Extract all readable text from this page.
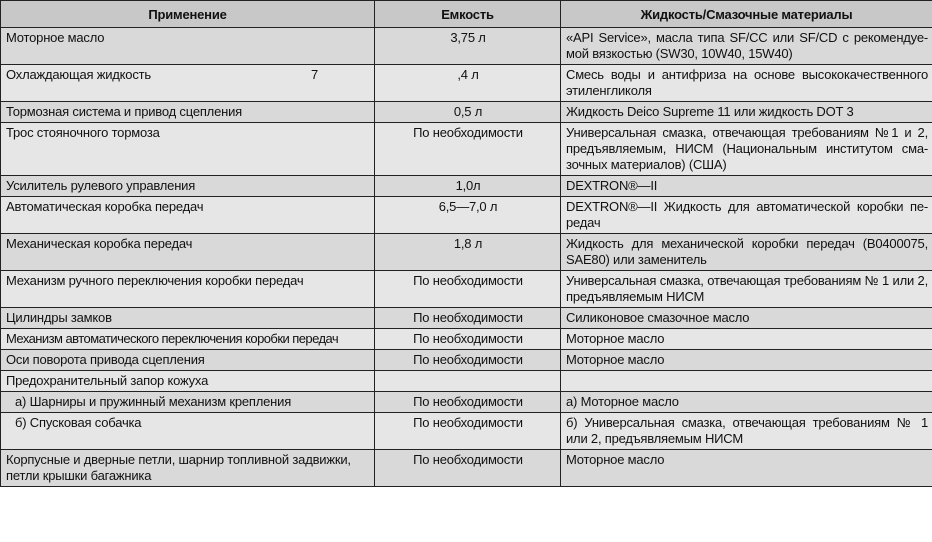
Применение	Емкость	Жидкость/Смазочные материалы
Моторное масло	3,75 л	«API Service», масла типа SF/CC или SF/CD с рекомендуе-мой вязкостью (SW30, 10W40, 15W40)
Охлаждающая жидкость 7	,4 л	Смесь воды и антифриза на основе высококачественного этиленгликоля
Тормозная система и привод сцепления	0,5 л	Жидкость Deico Supreme 11 или жидкость DOT 3
Трос стояночного тормоза	По необходимости	Универсальная смазка, отвечающая требованиям №1 и 2, предъявляемым, НИСМ (Национальным институтом сма-зочных материалов) (США)
Усилитель рулевого управления	1,0л	DEXTRON®—II
Автоматическая коробка передач	6,5—7,0 л	DEXTRON®—II Жидкость для автоматической коробки пе-редач
Механическая коробка передач	1,8 л	Жидкость для механической коробки передач (В0400075, SAE80) или заменитель
Механизм ручного переключения коробки передач	По необходимости	Универсальная смазка, отвечающая требованиям № 1 или 2, предъявляемым НИСМ
Цилиндры замков	По необходимости	Силиконовое смазочное масло
Механизм автоматического переключения коробки передач	По необходимости	Моторное масло
Оси поворота привода сцепления	По необходимости	Моторное масло
Предохранительный запор кожуха		
а) Шарниры и пружинный механизм крепления	По необходимости	а) Моторное масло
б) Спусковая собачка	По необходимости	б) Универсальная смазка, отвечающая требованиям № 1 или 2, предъявляемым НИСМ
Корпусные и дверные петли, шарнир топливной задвижки, петли крышки багажника	По необходимости	Моторное масло
